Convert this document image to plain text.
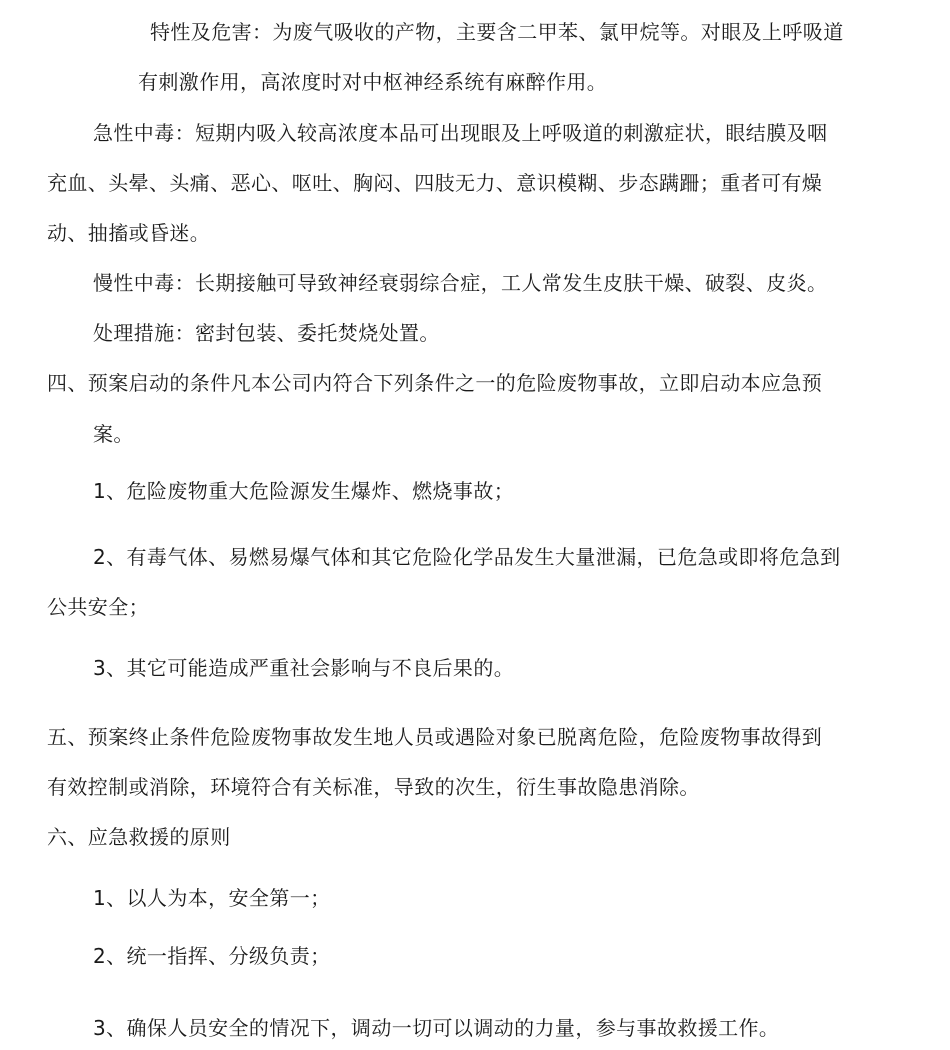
特性及危害：为废气吸收的产物，主要含二甲苯、氯甲烷等。对眼及上呼吸道
有刺激作用，高浓度时对中枢神经系统有麻醉作用。
急性中毒：短期内吸入较高浓度本品可出现眼及上呼吸道的刺激症状，眼结膜及咽
充血、头晕、头痛、恶心、呕吐、胸闷、四肢无力、意识模糊、步态蹒跚；重者可有燥
动、抽搐或昏迷。
慢性中毒：长期接触可导致神经衰弱综合症，工人常发生皮肤干燥、破裂、皮炎。
处理措施：密封包装、委托焚烧处置。
四、预案启动的条件凡本公司内符合下列条件之一的危险废物事故，立即启动本应急预
案。
1、危险废物重大危险源发生爆炸、燃烧事故；
2、有毒气体、易燃易爆气体和其它危险化学品发生大量泄漏，已危急或即将危急到
公共安全；
3、其它可能造成严重社会影响与不良后果的。
五、预案终止条件危险废物事故发生地人员或遇险对象已脱离危险，危险废物事故得到
有效控制或消除，环境符合有关标准，导致的次生，衍生事故隐患消除。
六、应急救援的原则
1、以人为本，安全第一；
2、统一指挥、分级负责；
3、确保人员安全的情况下，调动一切可以调动的力量，参与事故救援工作。
